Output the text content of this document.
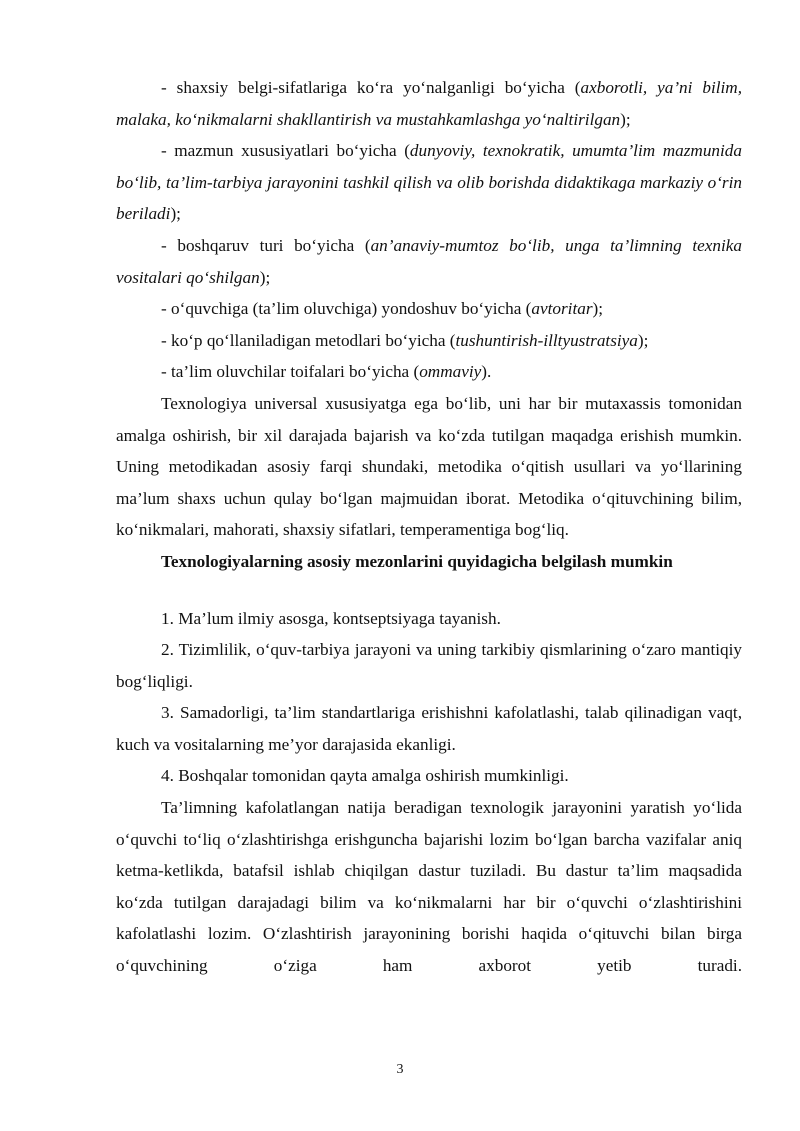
- shaxsiy belgi-sifatlariga ko‘ra yo‘nalganligi bo‘yicha (axborotli, ya’ni bilim, malaka, ko‘nikmalarni shakllantirish va mustahkamlashga yo‘naltirilgan);

- mazmun xususiyatlari bo‘yicha (dunyoviy, texnokratik, umumta’lim mazmunida bo‘lib, ta’lim-tarbiya jarayonini tashkil qilish va olib borishda didaktikaga markaziy o‘rin beriladi);

- boshqaruv turi bo‘yicha (an’anaviy-mumtoz bo‘lib, unga ta’limning texnika vositalari qo‘shilgan);

- o‘quvchiga (ta’lim oluvchiga) yondoshuv bo‘yicha (avtoritar);

- ko‘p qo‘llaniladigan metodlari bo‘yicha (tushuntirish-illtyustratsiya);

- ta’lim oluvchilar toifalari bo‘yicha (ommaviy).

Texnologiya universal xususiyatga ega bo‘lib, uni har bir mutaxassis tomonidan amalga oshirish, bir xil darajada bajarish va ko‘zda tutilgan maqadga erishish mumkin. Uning metodikadan asosiy farqi shundaki, metodika o‘qitish usullari va yo‘llarining ma’lum shaxs uchun qulay bo‘lgan majmuidan iborat. Metodika o‘qituvchining bilim, ko‘nikmalari, mahorati, shaxsiy sifatlari, temperamentiga bog‘liq.

Texnologiyalarning asosiy mezonlarini quyidagicha belgilash mumkin

1. Ma’lum ilmiy asosga, kontseptsiyaga tayanish.

2. Tizimlilik, o‘quv-tarbiya jarayoni va uning tarkibiy qismlarining o‘zaro mantiqiy bog‘liqligi.

3. Samadorligi, ta’lim standartlariga erishishni kafolatlashi, talab qilinadigan vaqt, kuch va vositalarning me’yor darajasida ekanligi.

4. Boshqalar tomonidan qayta amalga oshirish mumkinligi.

Ta’limning kafolatlangan natija beradigan texnologik jarayonini yaratish yo‘lida o‘quvchi to‘liq o‘zlashtirishga erishguncha bajarishi lozim bo‘lgan barcha vazifalar aniq ketma-ketlikda, batafsil ishlab chiqilgan dastur tuziladi. Bu dastur ta’lim maqsadida ko‘zda tutilgan darajadagi bilim va ko‘nikmalarni har bir o‘quvchi o‘zlashtirishini kafolatlashi lozim. O‘zlashtirish jarayonining borishi haqida o‘qituvchi bilan birga o‘quvchining o‘ziga ham axborot yetib turadi.

3
